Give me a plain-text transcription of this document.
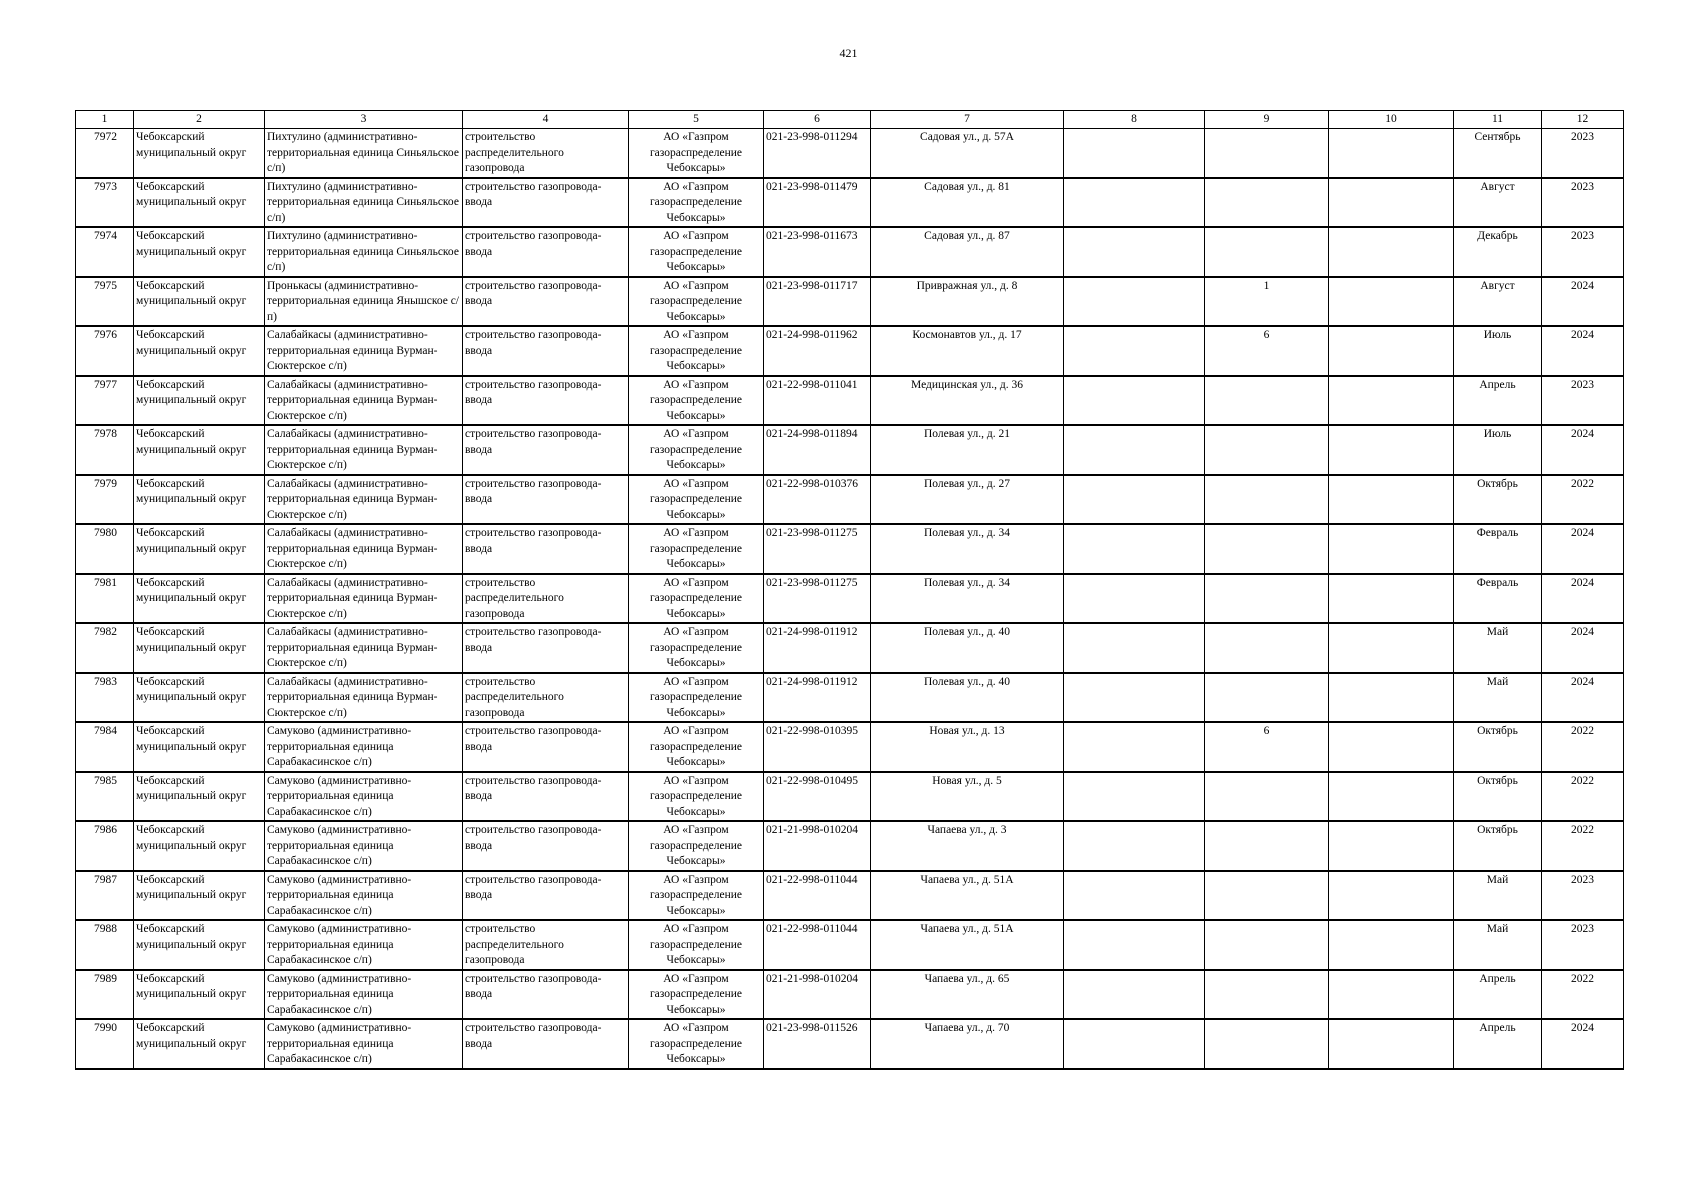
421
1	2	3	4	5	6	7	8	9	10	11	12
7972	Чебоксарский муниципальный округ	Пихтулино (административно-территориальная единица Синьяльское с/п)	строительство распределительного газопровода	АО «Газпром газораспределение Чебоксары»	021-23-998-011294	Садовая ул., д. 57А				Сентябрь	2023
7973	Чебоксарский муниципальный округ	Пихтулино (административно-территориальная единица Синьяльское с/п)	строительство газопровода-ввода	АО «Газпром газораспределение Чебоксары»	021-23-998-011479	Садовая ул., д. 81				Август	2023
7974	Чебоксарский муниципальный округ	Пихтулино (административно-территориальная единица Синьяльское с/п)	строительство газопровода-ввода	АО «Газпром газораспределение Чебоксары»	021-23-998-011673	Садовая ул., д. 87				Декабрь	2023
7975	Чебоксарский муниципальный округ	Пронькасы (административно-территориальная единица Янышское с/п)	строительство газопровода-ввода	АО «Газпром газораспределение Чебоксары»	021-23-998-011717	Привражная ул., д. 8		1		Август	2024
7976	Чебоксарский муниципальный округ	Салабайкасы (административно-территориальная единица Вурман-Сюктерское с/п)	строительство газопровода-ввода	АО «Газпром газораспределение Чебоксары»	021-24-998-011962	Космонавтов ул., д. 17		6		Июль	2024
7977	Чебоксарский муниципальный округ	Салабайкасы (административно-территориальная единица Вурман-Сюктерское с/п)	строительство газопровода-ввода	АО «Газпром газораспределение Чебоксары»	021-22-998-011041	Медицинская ул., д. 36				Апрель	2023
7978	Чебоксарский муниципальный округ	Салабайкасы (административно-территориальная единица Вурман-Сюктерское с/п)	строительство газопровода-ввода	АО «Газпром газораспределение Чебоксары»	021-24-998-011894	Полевая ул., д. 21				Июль	2024
7979	Чебоксарский муниципальный округ	Салабайкасы (административно-территориальная единица Вурман-Сюктерское с/п)	строительство газопровода-ввода	АО «Газпром газораспределение Чебоксары»	021-22-998-010376	Полевая ул., д. 27				Октябрь	2022
7980	Чебоксарский муниципальный округ	Салабайкасы (административно-территориальная единица Вурман-Сюктерское с/п)	строительство газопровода-ввода	АО «Газпром газораспределение Чебоксары»	021-23-998-011275	Полевая ул., д. 34				Февраль	2024
7981	Чебоксарский муниципальный округ	Салабайкасы (административно-территориальная единица Вурман-Сюктерское с/п)	строительство распределительного газопровода	АО «Газпром газораспределение Чебоксары»	021-23-998-011275	Полевая ул., д. 34				Февраль	2024
7982	Чебоксарский муниципальный округ	Салабайкасы (административно-территориальная единица Вурман-Сюктерское с/п)	строительство газопровода-ввода	АО «Газпром газораспределение Чебоксары»	021-24-998-011912	Полевая ул., д. 40				Май	2024
7983	Чебоксарский муниципальный округ	Салабайкасы (административно-территориальная единица Вурман-Сюктерское с/п)	строительство распределительного газопровода	АО «Газпром газораспределение Чебоксары»	021-24-998-011912	Полевая ул., д. 40				Май	2024
7984	Чебоксарский муниципальный округ	Самуково (административно-территориальная единица Сарабакасинское с/п)	строительство газопровода-ввода	АО «Газпром газораспределение Чебоксары»	021-22-998-010395	Новая ул., д. 13		6		Октябрь	2022
7985	Чебоксарский муниципальный округ	Самуково (административно-территориальная единица Сарабакасинское с/п)	строительство газопровода-ввода	АО «Газпром газораспределение Чебоксары»	021-22-998-010495	Новая ул., д. 5				Октябрь	2022
7986	Чебоксарский муниципальный округ	Самуково (административно-территориальная единица Сарабакасинское с/п)	строительство газопровода-ввода	АО «Газпром газораспределение Чебоксары»	021-21-998-010204	Чапаева ул., д. 3				Октябрь	2022
7987	Чебоксарский муниципальный округ	Самуково (административно-территориальная единица Сарабакасинское с/п)	строительство газопровода-ввода	АО «Газпром газораспределение Чебоксары»	021-22-998-011044	Чапаева ул., д. 51А				Май	2023
7988	Чебоксарский муниципальный округ	Самуково (административно-территориальная единица Сарабакасинское с/п)	строительство распределительного газопровода	АО «Газпром газораспределение Чебоксары»	021-22-998-011044	Чапаева ул., д. 51А				Май	2023
7989	Чебоксарский муниципальный округ	Самуково (административно-территориальная единица Сарабакасинское с/п)	строительство газопровода-ввода	АО «Газпром газораспределение Чебоксары»	021-21-998-010204	Чапаева ул., д. 65				Апрель	2022
7990	Чебоксарский муниципальный округ	Самуково (административно-территориальная единица Сарабакасинское с/п)	строительство газопровода-ввода	АО «Газпром газораспределение Чебоксары»	021-23-998-011526	Чапаева ул., д. 70				Апрель	2024
